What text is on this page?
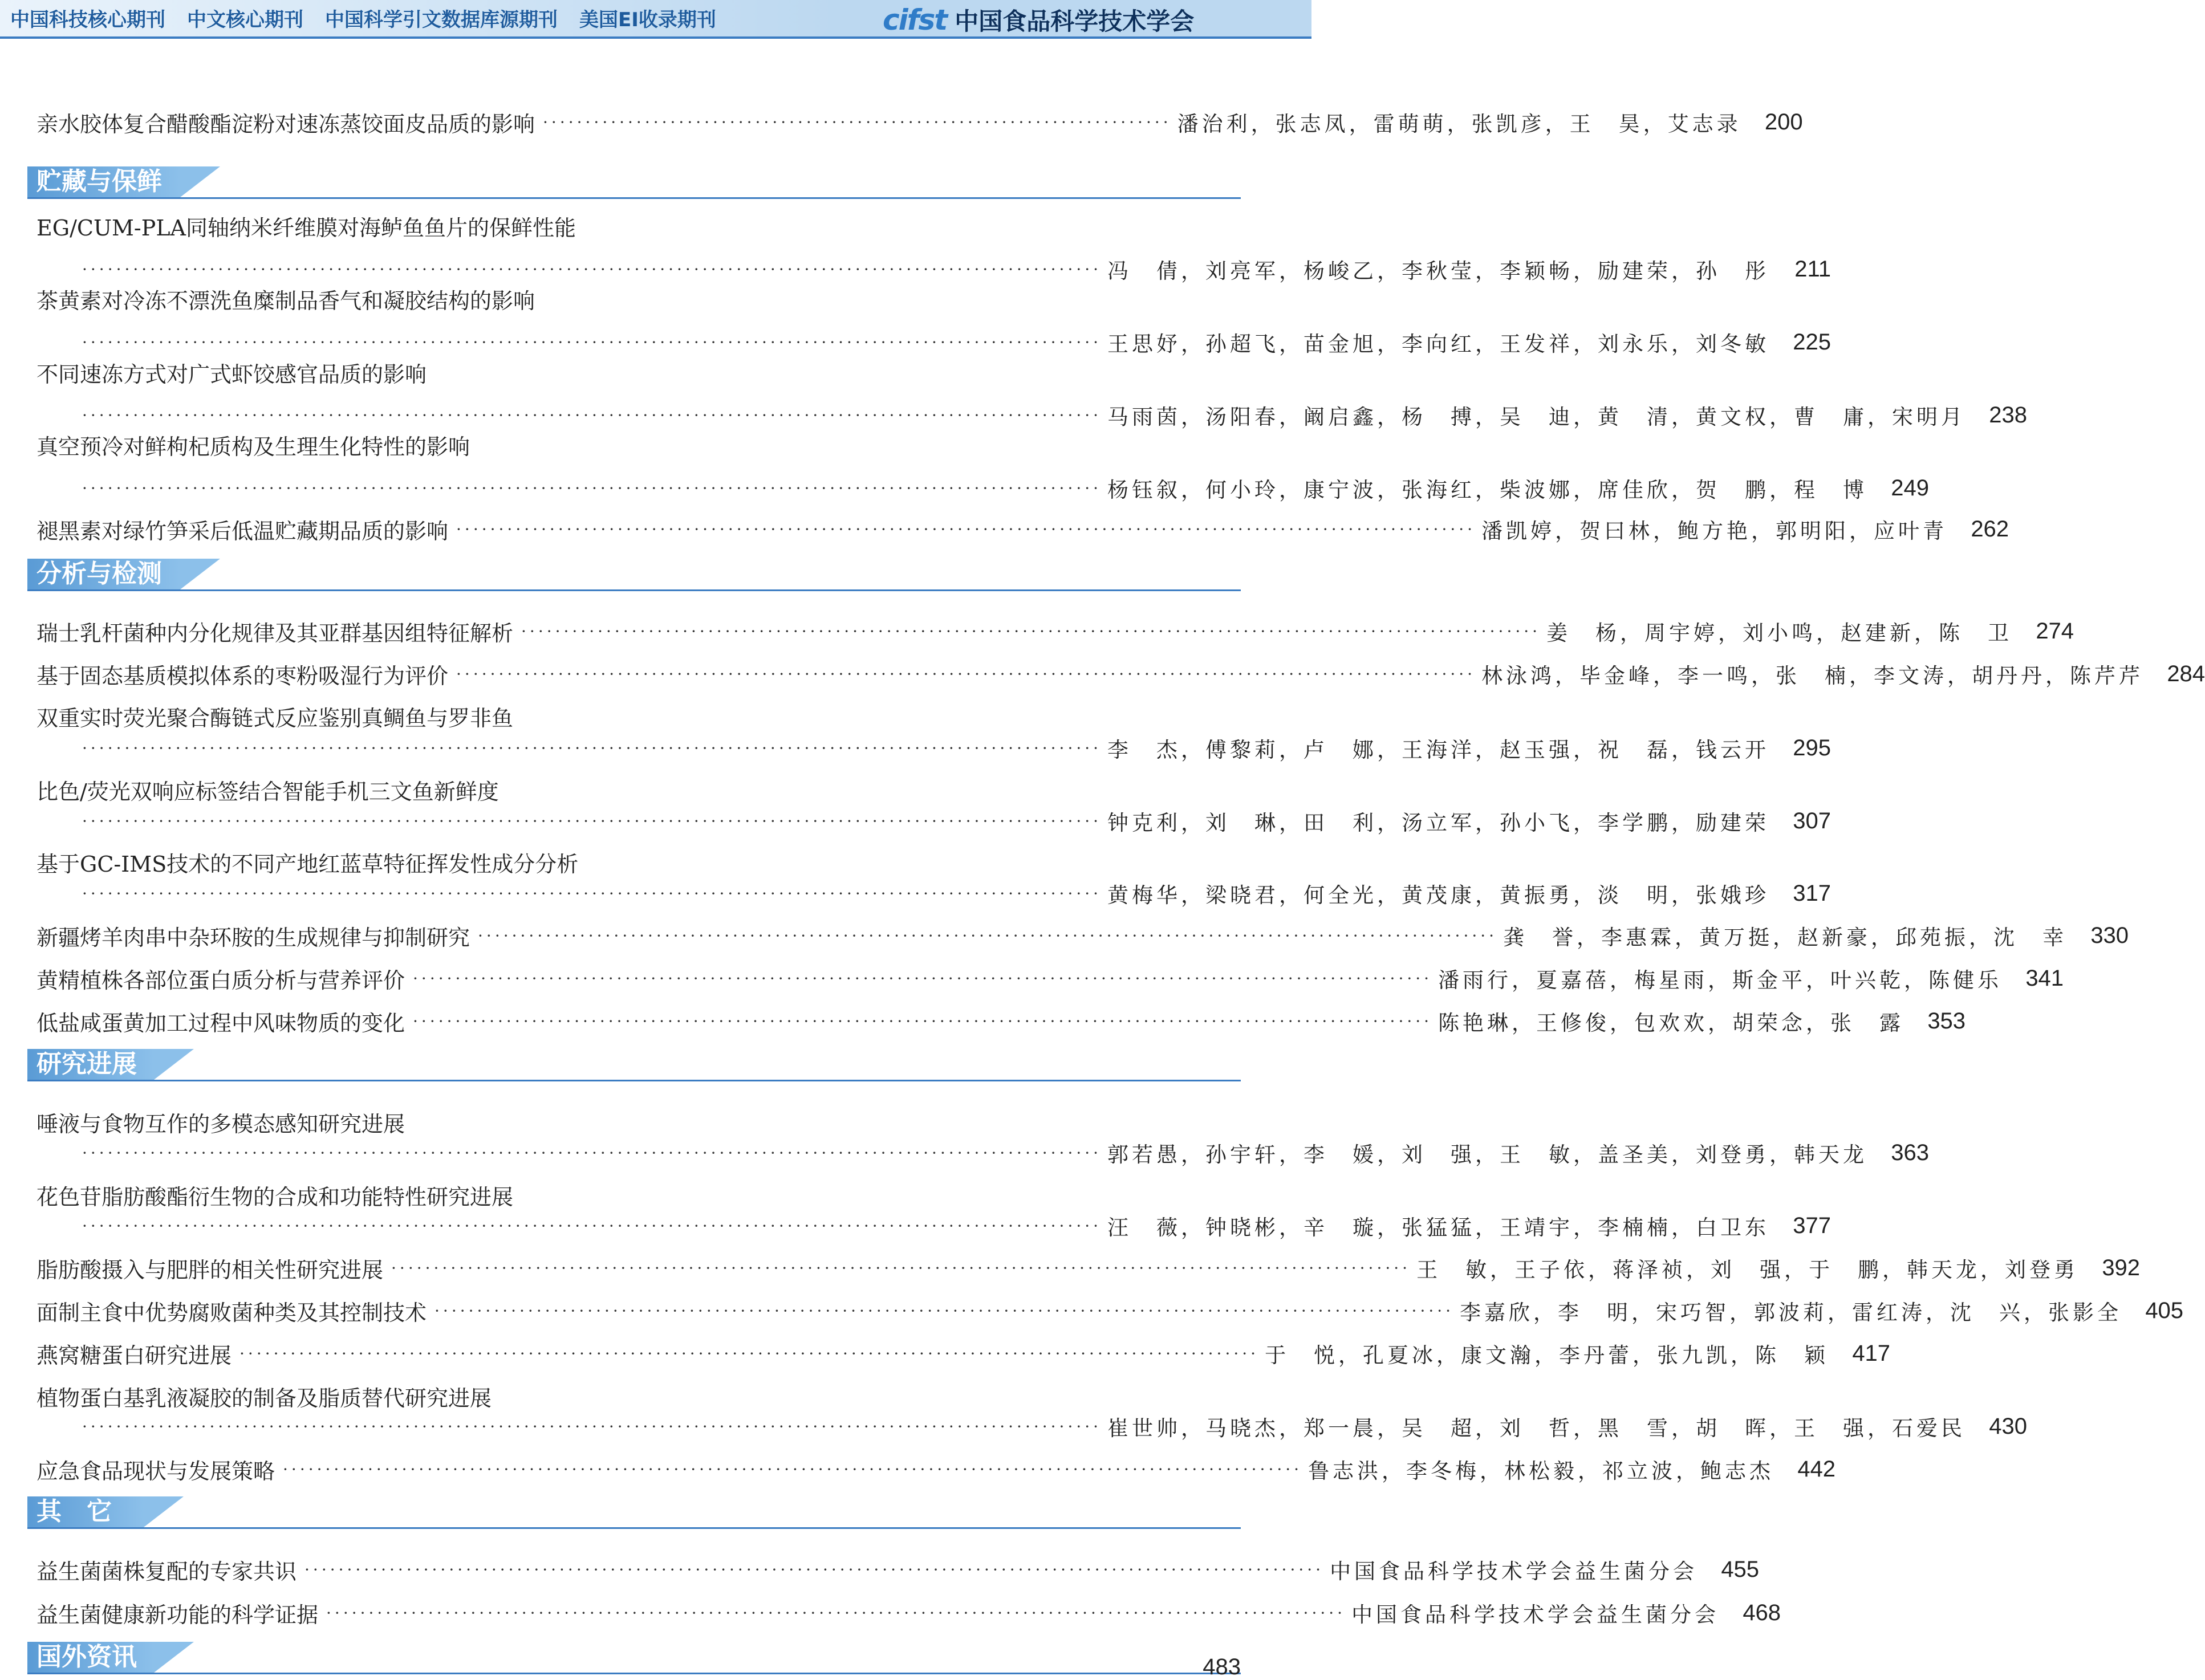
中国科技核心期刊 中文核心期刊 中国科学引文数据库源期刊 美国EI收录期刊	cifst 中国食品科学技术学会
亲水胶体复合醋酸酯淀粉对速冻蒸饺面皮品质的影响 ·········································································· 潘治利，张志凤，雷萌萌，张凯彦，王　昊，艾志录	200
贮藏与保鲜
EG/CUM-PLA同轴纳米纤维膜对海鲈鱼鱼片的保鲜性能
························································································································ 冯　倩，刘亮军，杨峻乙，李秋莹，李颖畅，励建荣，孙　彤	211
茶黄素对冷冻不漂洗鱼糜制品香气和凝胶结构的影响
························································································································ 王思妤，孙超飞，苗金旭，李向红，王发祥，刘永乐，刘冬敏	225
不同速冻方式对广式虾饺感官品质的影响
························································································································ 马雨茵，汤阳春，阚启鑫，杨　搏，吴　迪，黄　清，黄文权，曹　庸，宋明月	238
真空预冷对鲜枸杞质构及生理生化特性的影响
························································································································ 杨钰叙，何小玲，康宁波，张海红，柴波娜，席佳欣，贺　鹏，程　博	249
褪黑素对绿竹笋采后低温贮藏期品质的影响 ························································································································ 潘凯婷，贺曰林，鲍方艳，郭明阳，应叶青	262
分析与检测
瑞士乳杆菌种内分化规律及其亚群基因组特征解析 ························································································································ 姜　杨，周宇婷，刘小鸣，赵建新，陈　卫	274
基于固态基质模拟体系的枣粉吸湿行为评价 ························································································································ 林泳鸿，毕金峰，李一鸣，张　楠，李文涛，胡丹丹，陈芹芹	284
双重实时荧光聚合酶链式反应鉴别真鲷鱼与罗非鱼
························································································································ 李　杰，傅黎莉，卢　娜，王海洋，赵玉强，祝　磊，钱云开	295
比色/荧光双响应标签结合智能手机三文鱼新鲜度
························································································································ 钟克利，刘　琳，田　利，汤立军，孙小飞，李学鹏，励建荣	307
基于GC-IMS技术的不同产地红蓝草特征挥发性成分分析
························································································································ 黄梅华，梁晓君，何全光，黄茂康，黄振勇，淡　明，张娥珍	317
新疆烤羊肉串中杂环胺的生成规律与抑制研究 ························································································································ 龚　誉，李惠霖，黄万挺，赵新豪，邱苑振，沈　幸	330
黄精植株各部位蛋白质分析与营养评价 ························································································································ 潘雨行，夏嘉蓓，梅星雨，斯金平，叶兴乾，陈健乐	341
低盐咸蛋黄加工过程中风味物质的变化 ························································································································ 陈艳琳，王修俊，包欢欢，胡荣念，张　露	353
研究进展
唾液与食物互作的多模态感知研究进展
························································································································ 郭若愚，孙宇轩，李　媛，刘　强，王　敏，盖圣美，刘登勇，韩天龙	363
花色苷脂肪酸酯衍生物的合成和功能特性研究进展
························································································································ 汪　薇，钟晓彬，辛　璇，张猛猛，王靖宇，李楠楠，白卫东	377
脂肪酸摄入与肥胖的相关性研究进展 ························································································································ 王　敏，王子依，蒋泽祯，刘　强，于　鹏，韩天龙，刘登勇	392
面制主食中优势腐败菌种类及其控制技术 ························································································································ 李嘉欣，李　明，宋巧智，郭波莉，雷红涛，沈　兴，张影全	405
燕窝糖蛋白研究进展 ························································································································ 于　悦，孔夏冰，康文瀚，李丹蕾，张九凯，陈　颖	417
植物蛋白基乳液凝胶的制备及脂质替代研究进展
························································································································ 崔世帅，马晓杰，郑一晨，吴　超，刘　哲，黑　雪，胡　晖，王　强，石爱民	430
应急食品现状与发展策略 ························································································································ 鲁志洪，李冬梅，林松毅，祁立波，鲍志杰	442
其　它
益生菌菌株复配的专家共识 ························································································································ 中国食品科学技术学会益生菌分会	455
益生菌健康新功能的科学证据 ························································································································ 中国食品科学技术学会益生菌分会	468
国外资讯	483
